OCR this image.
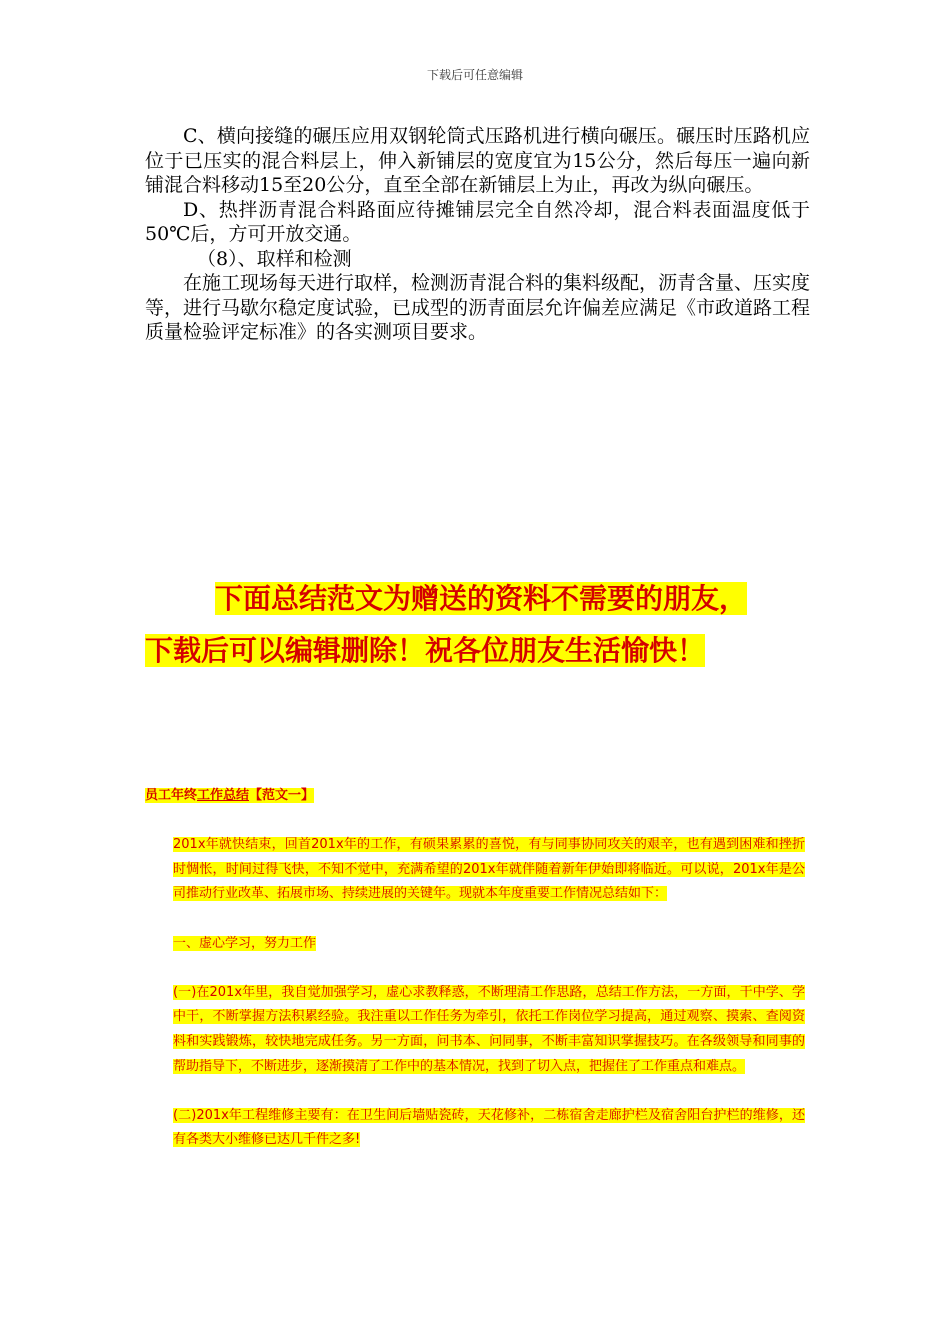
下载后可任意编辑

C、横向接缝的碾压应用双钢轮筒式压路机进行横向碾压。碾压时压路机应位于已压实的混合料层上，伸入新铺层的宽度宜为15公分，然后每压一遍向新铺混合料移动15至20公分，直至全部在新铺层上为止，再改为纵向碾压。

D、热拌沥青混合料路面应待摊铺层完全自然冷却，混合料表面温度低于50℃后，方可开放交通。

（8）、取样和检测

在施工现场每天进行取样，检测沥青混合料的集料级配，沥青含量、压实度等，进行马歇尔稳定度试验，已成型的沥青面层允许偏差应满足《市政道路工程质量检验评定标准》的各实测项目要求。

下面总结范文为赠送的资料不需要的朋友，

下载后可以编辑删除！祝各位朋友生活愉快！

员工年终工作总结【范文一】

201x年就快结束，回首201x年的工作，有硕果累累的喜悦，有与同事协同攻关的艰辛，也有遇到困难和挫折时惆怅，时间过得飞快，不知不觉中，充满希望的201x年就伴随着新年伊始即将临近。可以说，201x年是公司推动行业改革、拓展市场、持续进展的关键年。现就本年度重要工作情况总结如下：

一、虚心学习，努力工作

(一)在201x年里，我自觉加强学习，虚心求教释惑，不断理清工作思路，总结工作方法，一方面，干中学、学中干，不断掌握方法积累经验。我注重以工作任务为牵引，依托工作岗位学习提高，通过观察、摸索、查阅资料和实践锻炼，较快地完成任务。另一方面，问书本、问同事，不断丰富知识掌握技巧。在各级领导和同事的帮助指导下，不断进步，逐渐摸清了工作中的基本情况，找到了切入点，把握住了工作重点和难点。

(二)201x年工程维修主要有：在卫生间后墙贴瓷砖，天花修补，二栋宿舍走廊护栏及宿舍阳台护栏的维修，还有各类大小维修已达几千件之多!
